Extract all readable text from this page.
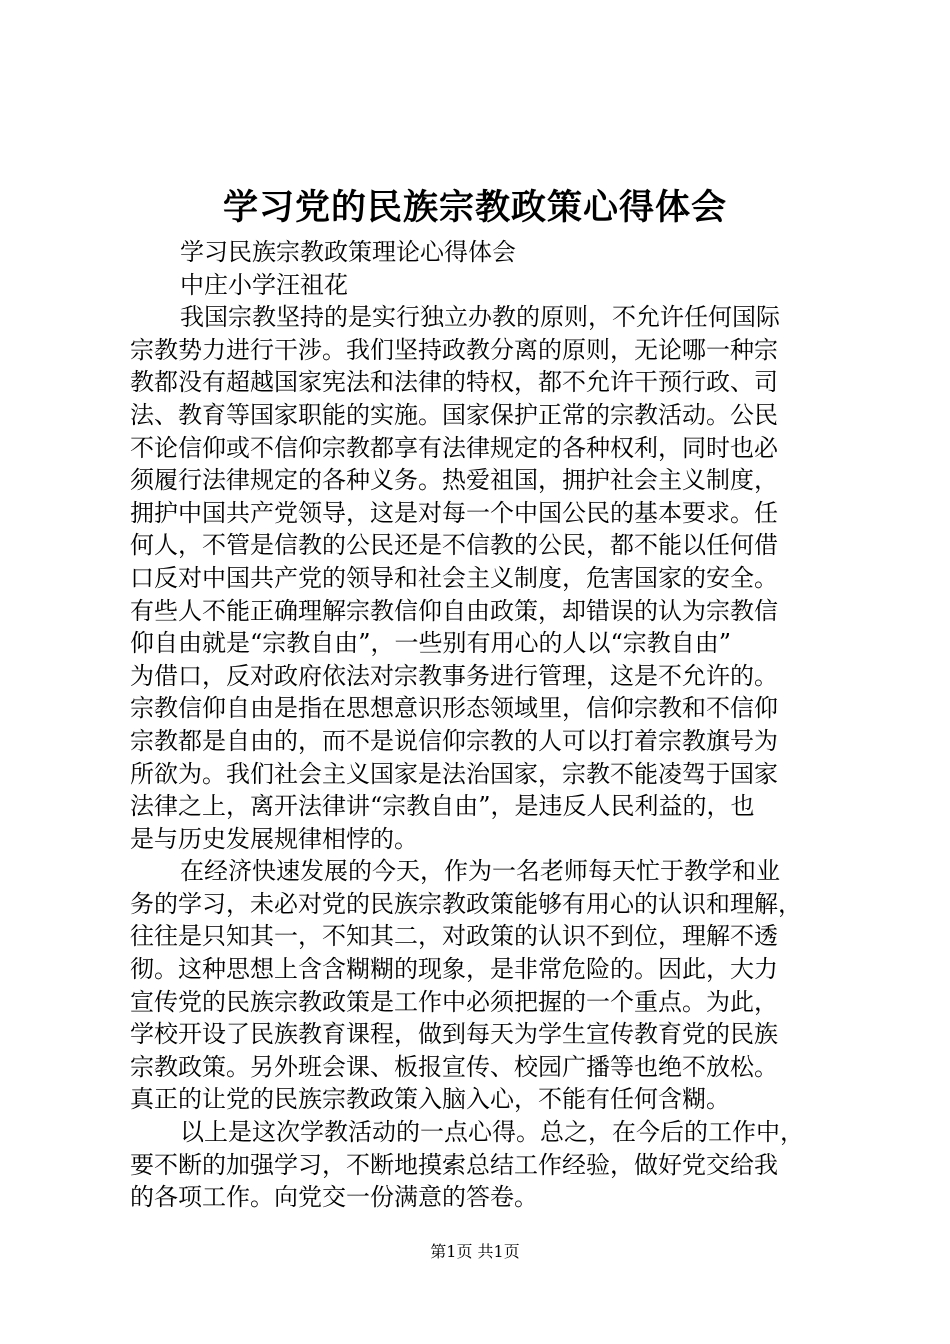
学习党的民族宗教政策心得体会
学习民族宗教政策理论心得体会
中庄小学汪祖花
我国宗教坚持的是实行独立办教的原则，不允许任何国际
宗教势力进行干涉。我们坚持政教分离的原则，无论哪一种宗
教都没有超越国家宪法和法律的特权，都不允许干预行政、司
法、教育等国家职能的实施。国家保护正常的宗教活动。公民
不论信仰或不信仰宗教都享有法律规定的各种权利，同时也必
须履行法律规定的各种义务。热爱祖国，拥护社会主义制度，
拥护中国共产党领导，这是对每一个中国公民的基本要求。任
何人，不管是信教的公民还是不信教的公民，都不能以任何借
口反对中国共产党的领导和社会主义制度，危害国家的安全。
有些人不能正确理解宗教信仰自由政策，却错误的认为宗教信
仰自由就是“宗教自由”，一些别有用心的人以“宗教自由”
为借口，反对政府依法对宗教事务进行管理，这是不允许的。
宗教信仰自由是指在思想意识形态领域里，信仰宗教和不信仰
宗教都是自由的，而不是说信仰宗教的人可以打着宗教旗号为
所欲为。我们社会主义国家是法治国家，宗教不能凌驾于国家
法律之上，离开法律讲“宗教自由”，是违反人民利益的，也
是与历史发展规律相悖的。
在经济快速发展的今天，作为一名老师每天忙于教学和业
务的学习，未必对党的民族宗教政策能够有用心的认识和理解，
往往是只知其一，不知其二，对政策的认识不到位，理解不透
彻。这种思想上含含糊糊的现象，是非常危险的。因此，大力
宣传党的民族宗教政策是工作中必须把握的一个重点。为此，
学校开设了民族教育课程，做到每天为学生宣传教育党的民族
宗教政策。另外班会课、板报宣传、校园广播等也绝不放松。
真正的让党的民族宗教政策入脑入心，不能有任何含糊。
以上是这次学教活动的一点心得。总之，在今后的工作中，
要不断的加强学习，不断地摸索总结工作经验，做好党交给我
的各项工作。向党交一份满意的答卷。
第1页 共1页
